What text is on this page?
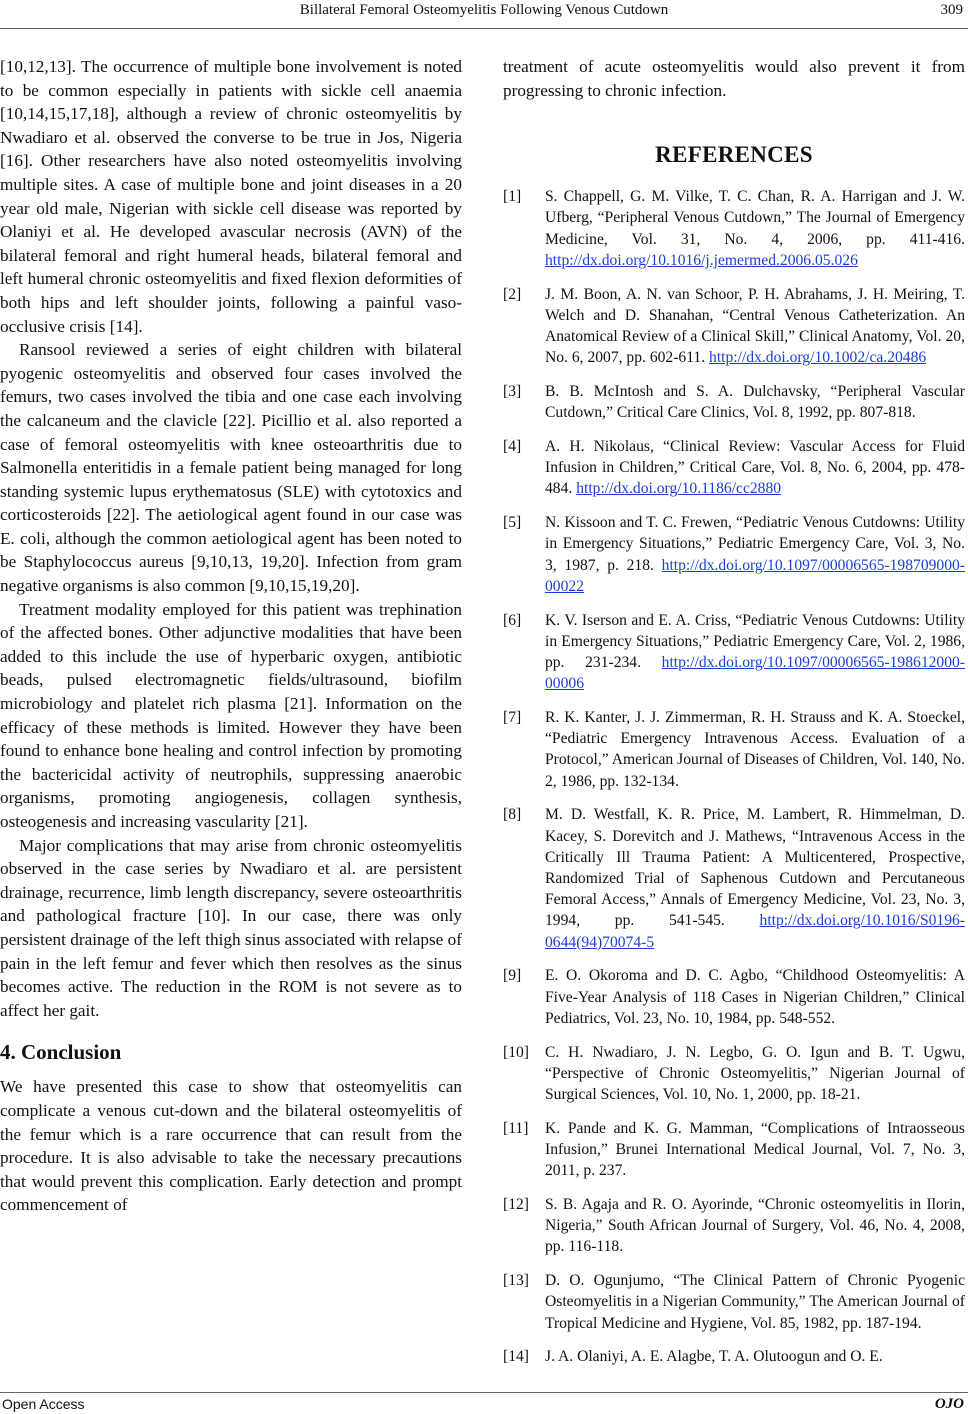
Billateral Femoral Osteomyelitis Following Venous Cutdown	309

[10,12,13]. The occurrence of multiple bone involvement is noted to be common especially in patients with sickle cell anaemia [10,14,15,17,18], although a review of chronic osteomyelitis by Nwadiaro et al. observed the converse to be true in Jos, Nigeria [16]. Other researchers have also noted osteomyelitis involving multiple sites. A case of multiple bone and joint diseases in a 20 year old male, Nigerian with sickle cell disease was reported by Olaniyi et al. He developed avascular necrosis (AVN) of the bilateral femoral and right humeral heads, bilateral femoral and left humeral chronic osteomyelitis and fixed flexion deformities of both hips and left shoulder joints, following a painful vaso-occlusive crisis [14].

Ransool reviewed a series of eight children with bilateral pyogenic osteomyelitis and observed four cases involved the femurs, two cases involved the tibia and one case each involving the calcaneum and the clavicle [22]. Picillio et al. also reported a case of femoral osteomyelitis with knee osteoarthritis due to Salmonella enteritidis in a female patient being managed for long standing systemic lupus erythematosus (SLE) with cytotoxics and corticosteroids [22]. The aetiological agent found in our case was E. coli, although the common aetiological agent has been noted to be Staphylococcus aureus [9,10,13, 19,20]. Infection from gram negative organisms is also common [9,10,15,19,20].

Treatment modality employed for this patient was trephination of the affected bones. Other adjunctive modalities that have been added to this include the use of hyperbaric oxygen, antibiotic beads, pulsed electromagnetic fields/ultrasound, biofilm microbiology and platelet rich plasma [21]. Information on the efficacy of these methods is limited. However they have been found to enhance bone healing and control infection by promoting the bactericidal activity of neutrophils, suppressing anaerobic organisms, promoting angiogenesis, collagen synthesis, osteogenesis and increasing vascularity [21].

Major complications that may arise from chronic osteomyelitis observed in the case series by Nwadiaro et al. are persistent drainage, recurrence, limb length discrepancy, severe osteoarthritis and pathological fracture [10]. In our case, there was only persistent drainage of the left thigh sinus associated with relapse of pain in the left femur and fever which then resolves as the sinus becomes active. The reduction in the ROM is not severe as to affect her gait.

4. Conclusion

We have presented this case to show that osteomyelitis can complicate a venous cut-down and the bilateral osteomyelitis of the femur which is a rare occurrence that can result from the procedure. It is also advisable to take the necessary precautions that would prevent this complication. Early detection and prompt commencement of

treatment of acute osteomyelitis would also prevent it from progressing to chronic infection.

REFERENCES
[1] S. Chappell, G. M. Vilke, T. C. Chan, R. A. Harrigan and J. W. Ufberg, “Peripheral Venous Cutdown,” The Journal of Emergency Medicine, Vol. 31, No. 4, 2006, pp. 411-416. http://dx.doi.org/10.1016/j.jemermed.2006.05.026
[2] J. M. Boon, A. N. van Schoor, P. H. Abrahams, J. H. Meiring, T. Welch and D. Shanahan, “Central Venous Catheterization. An Anatomical Review of a Clinical Skill,” Clinical Anatomy, Vol. 20, No. 6, 2007, pp. 602-611. http://dx.doi.org/10.1002/ca.20486
[3] B. B. McIntosh and S. A. Dulchavsky, “Peripheral Vascular Cutdown,” Critical Care Clinics, Vol. 8, 1992, pp. 807-818.
[4] A. H. Nikolaus, “Clinical Review: Vascular Access for Fluid Infusion in Children,” Critical Care, Vol. 8, No. 6, 2004, pp. 478-484. http://dx.doi.org/10.1186/cc2880
[5] N. Kissoon and T. C. Frewen, “Pediatric Venous Cutdowns: Utility in Emergency Situations,” Pediatric Emergency Care, Vol. 3, No. 3, 1987, p. 218. http://dx.doi.org/10.1097/00006565-198709000-00022
[6] K. V. Iserson and E. A. Criss, “Pediatric Venous Cutdowns: Utility in Emergency Situations,” Pediatric Emergency Care, Vol. 2, 1986, pp. 231-234. http://dx.doi.org/10.1097/00006565-198612000-00006
[7] R. K. Kanter, J. J. Zimmerman, R. H. Strauss and K. A. Stoeckel, “Pediatric Emergency Intravenous Access. Evaluation of a Protocol,” American Journal of Diseases of Children, Vol. 140, No. 2, 1986, pp. 132-134.
[8] M. D. Westfall, K. R. Price, M. Lambert, R. Himmelman, D. Kacey, S. Dorevitch and J. Mathews, “Intravenous Access in the Critically Ill Trauma Patient: A Multicentered, Prospective, Randomized Trial of Saphenous Cutdown and Percutaneous Femoral Access,” Annals of Emergency Medicine, Vol. 23, No. 3, 1994, pp. 541-545. http://dx.doi.org/10.1016/S0196-0644(94)70074-5
[9] E. O. Okoroma and D. C. Agbo, “Childhood Osteomyelitis: A Five-Year Analysis of 118 Cases in Nigerian Children,” Clinical Pediatrics, Vol. 23, No. 10, 1984, pp. 548-552.
[10] C. H. Nwadiaro, J. N. Legbo, G. O. Igun and B. T. Ugwu, “Perspective of Chronic Osteomyelitis,” Nigerian Journal of Surgical Sciences, Vol. 10, No. 1, 2000, pp. 18-21.
[11] K. Pande and K. G. Mamman, “Complications of Intraosseous Infusion,” Brunei International Medical Journal, Vol. 7, No. 3, 2011, p. 237.
[12] S. B. Agaja and R. O. Ayorinde, “Chronic osteomyelitis in Ilorin, Nigeria,” South African Journal of Surgery, Vol. 46, No. 4, 2008, pp. 116-118.
[13] D. O. Ogunjumo, “The Clinical Pattern of Chronic Pyogenic Osteomyelitis in a Nigerian Community,” The American Journal of Tropical Medicine and Hygiene, Vol. 85, 1982, pp. 187-194.
[14] J. A. Olaniyi, A. E. Alagbe, T. A. Olutoogun and O. E.
Open Access	OJO
